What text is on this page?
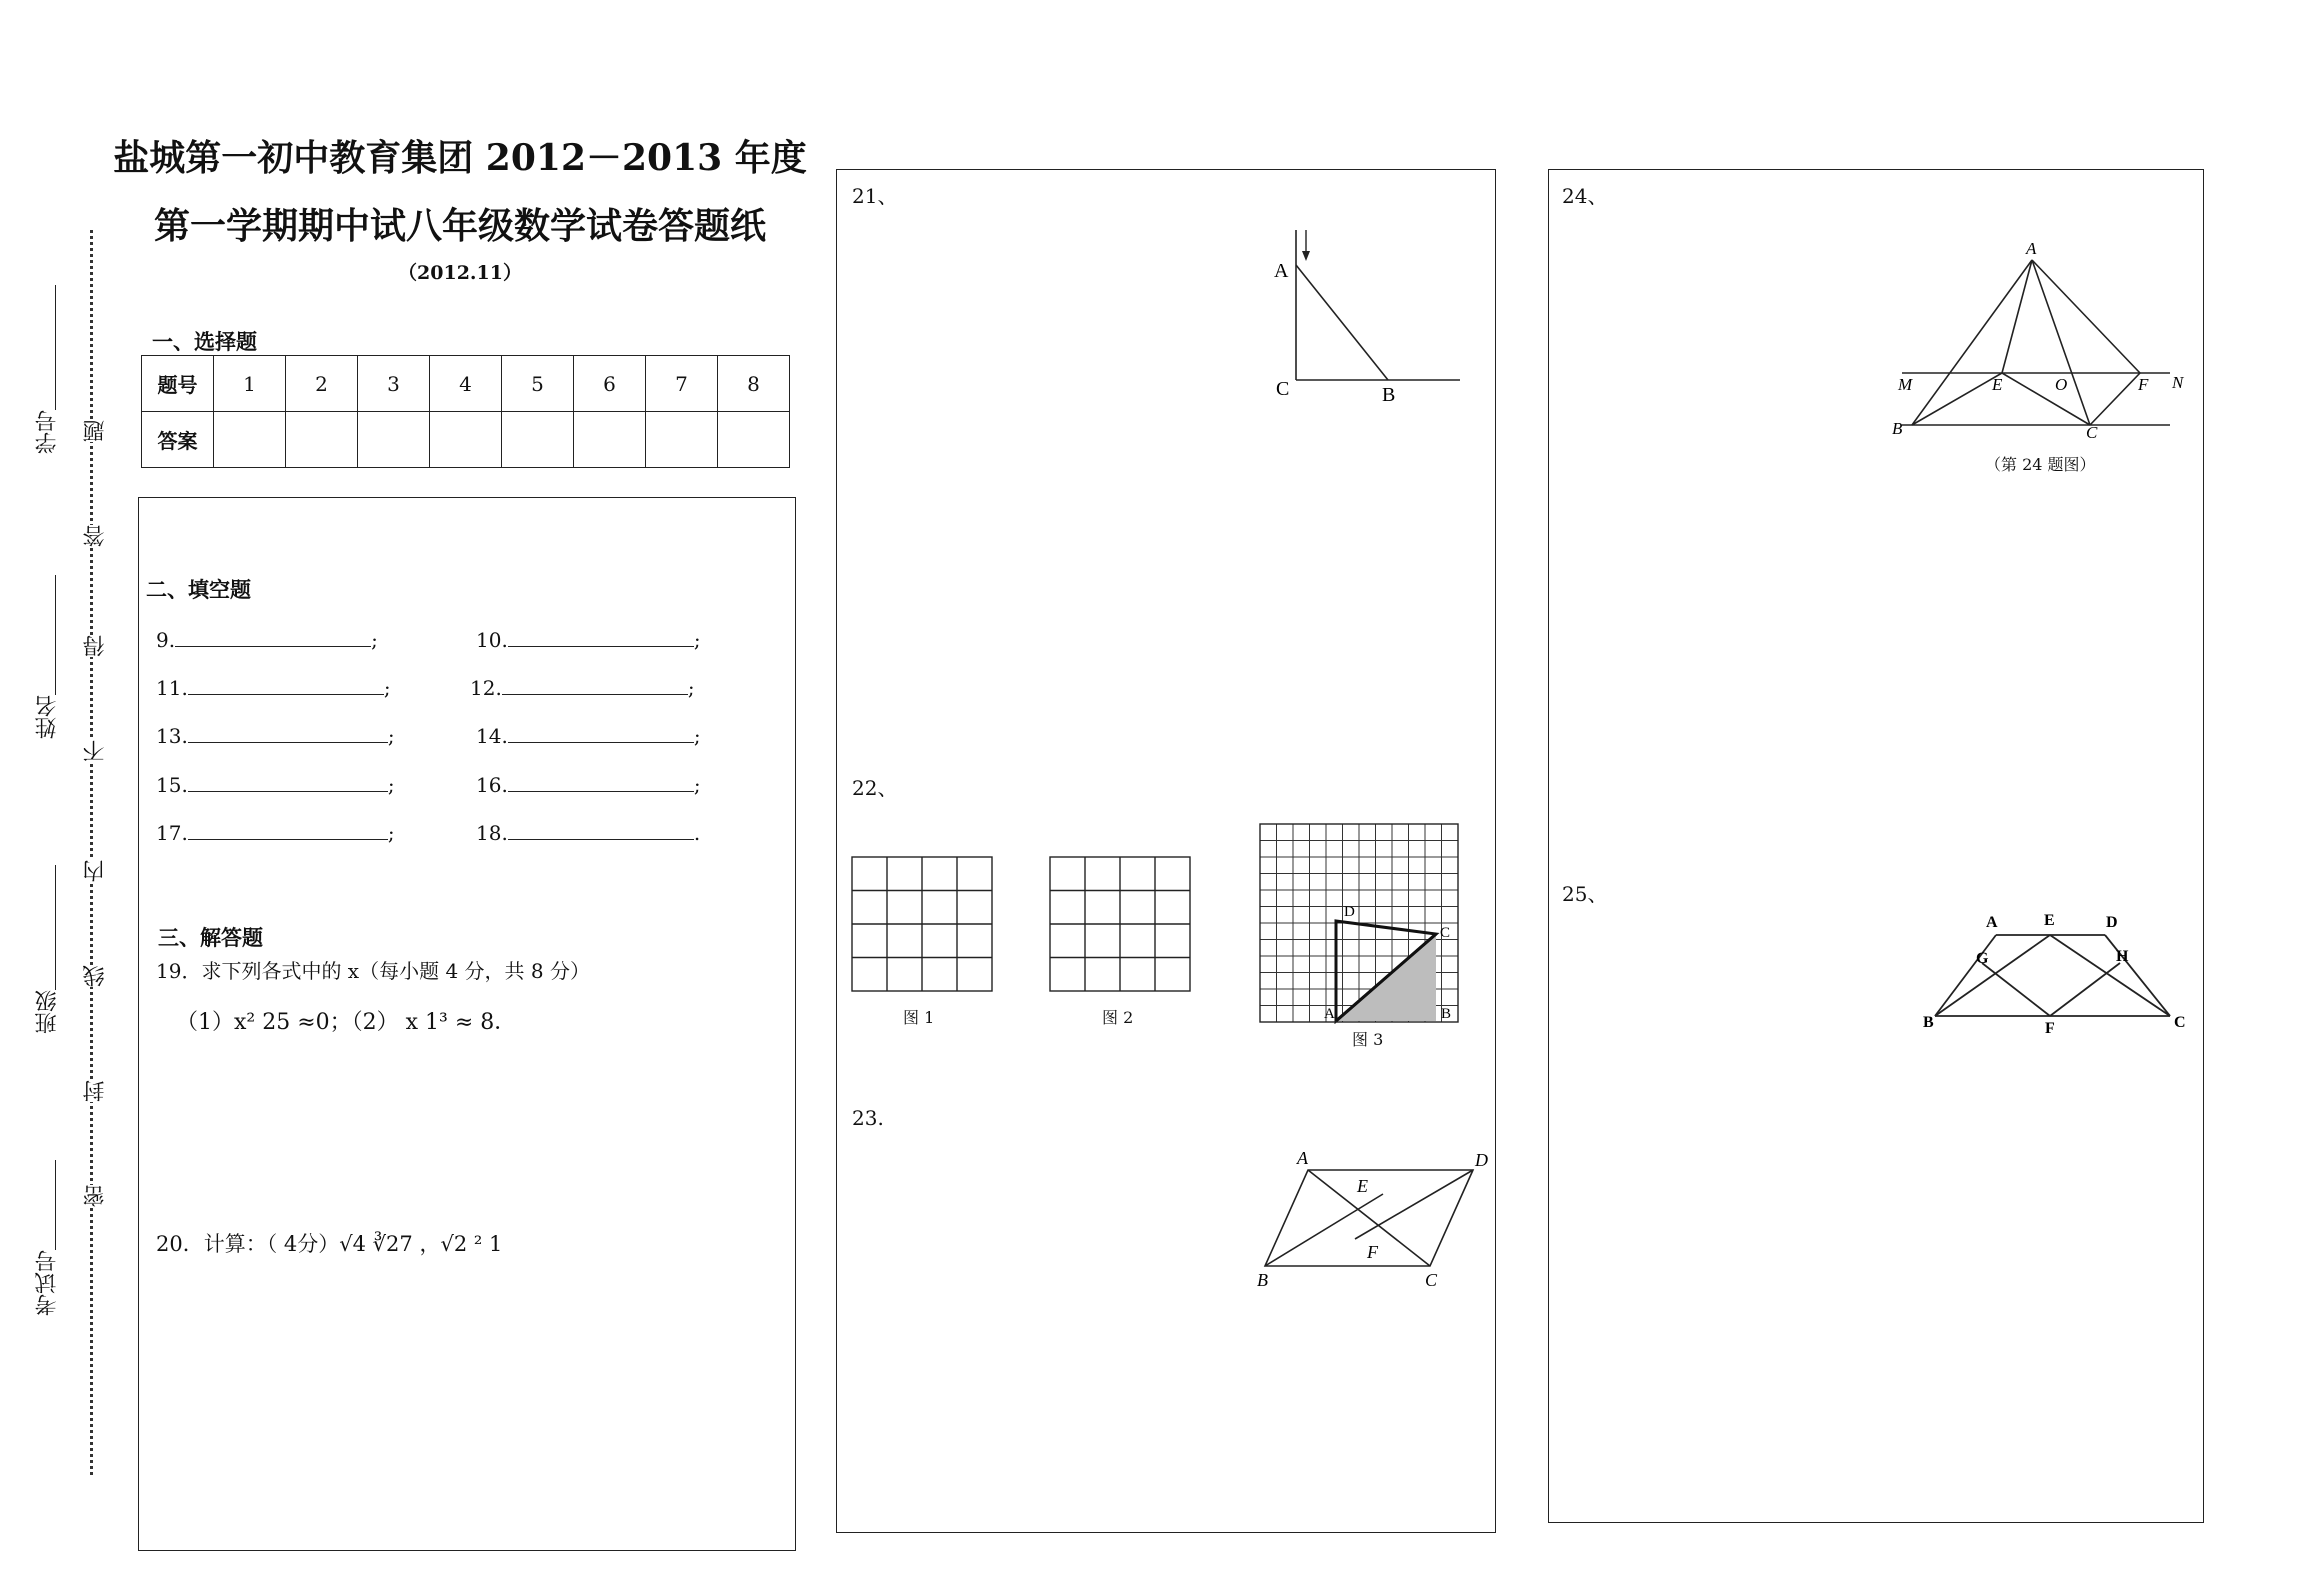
考试号
班级
姓名
学号
密
封
线
内
不
得
答
题
盐城第一初中教育集团 2012－2013 年度
第一学期期中试八年级数学试卷答题纸
（2012.11）
一、选择题
题号	1	2	3	4	5	6	7	8
答案								
二、填空题
9.	;	10.	;
11.	;	12.	;
13.	;	14.	;
15.	;	16.	;
17.	;	18.	.
三、解答题
19．求下列各式中的 x（每小题 4 分，共 8 分）
（1）x² 25 ≈0；（2） x 1³ ≈ 8．
20．计算：（ 4分）√4 ∛27 ，√2 ² 1
21、
22、
23.
A
C	B
图 1	图 2
D
C
A	B
图 3
A	D
E
F
B	C
24、
25、
A
M	E	O	F N
B	C
（第 24 题图）
A	E	D
G	H
B	F	C
